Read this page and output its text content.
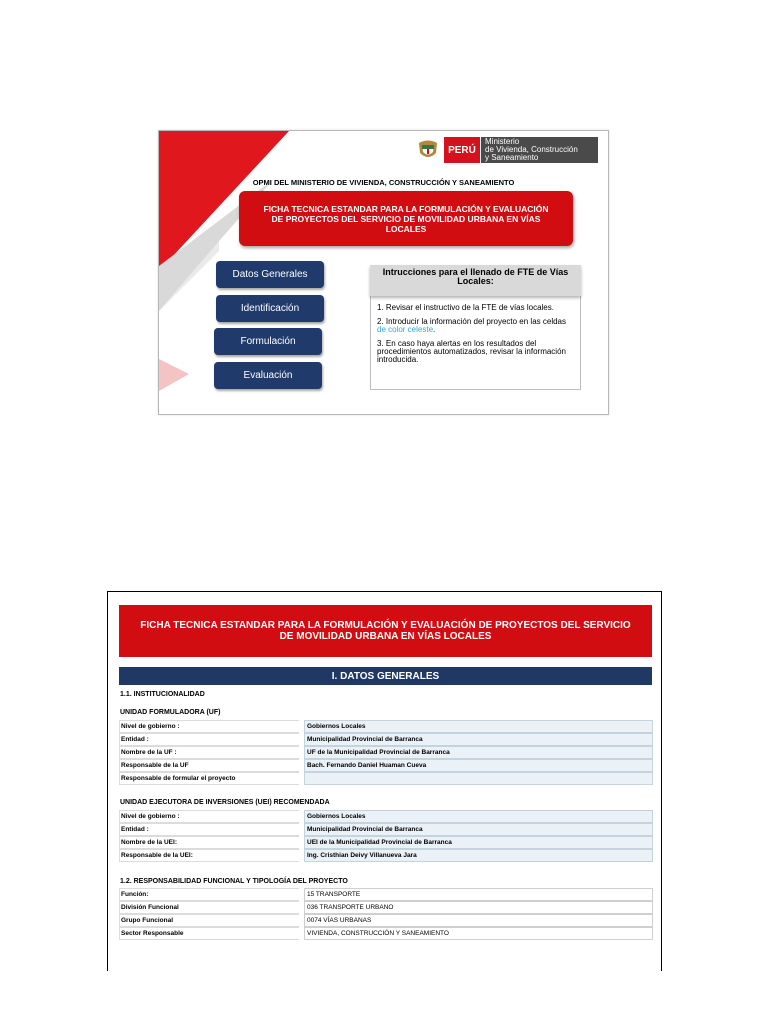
PERÚ
Ministerio
de Vivienda, Construcción
y Saneamiento
OPMI DEL MINISTERIO DE VIVIENDA, CONSTRUCCIÓN Y SANEAMIENTO
FICHA TECNICA ESTANDAR PARA LA FORMULACIÓN Y EVALUACIÓN DE PROYECTOS DEL SERVICIO DE MOVILIDAD URBANA EN VÍAS LOCALES
Datos Generales
Identificación
Formulación
Evaluación
Intrucciones para el llenado de FTE de Vías Locales:

1. Revisar el instructivo de la FTE de vías locales.

2. Introducir la información del proyecto en las celdas de color celeste.

3. En caso haya alertas en los resultados del procedimientos automatizados, revisar la información introducida.

FICHA TECNICA ESTANDAR PARA LA FORMULACIÓN Y EVALUACIÓN DE PROYECTOS DEL SERVICIO DE MOVILIDAD URBANA EN VÍAS LOCALES
I. DATOS GENERALES
1.1. INSTITUCIONALIDAD
UNIDAD FORMULADORA (UF)
Nivel de gobierno :	Gobiernos Locales
Entidad :	Municipalidad Provincial de Barranca
Nombre de la UF :	UF de la Municipalidad Provincial de Barranca
Responsable de la UF	Bach. Fernando Daniel Huaman Cueva
Responsable de formular el proyecto
UNIDAD EJECUTORA DE INVERSIONES (UEI) RECOMENDADA
Nivel de gobierno :	Gobiernos Locales
Entidad :	Municipalidad Provincial de Barranca
Nombre de la UEI:	UEI de la Municipalidad Provincial de Barranca
Responsable de la UEI:	Ing. Cristhian Deivy Villanueva Jara
1.2. RESPONSABILIDAD FUNCIONAL Y TIPOLOGÍA DEL PROYECTO
Función:	15 TRANSPORTE
División Funcional	036 TRANSPORTE URBANO
Grupo Funcional	0074 VÍAS URBANAS
Sector Responsable	VIVIENDA, CONSTRUCCIÓN Y SANEAMIENTO
